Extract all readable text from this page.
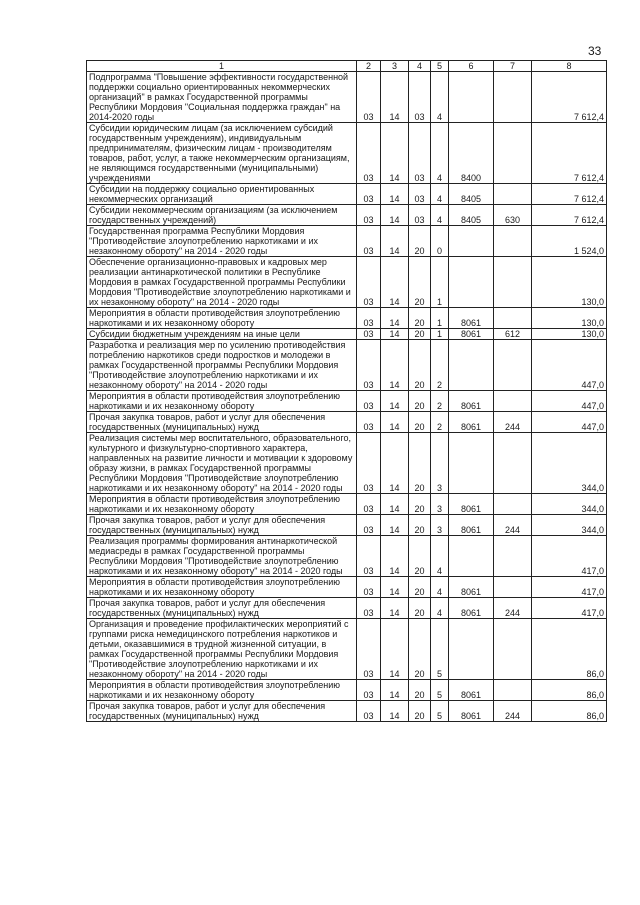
33
1	2	3	4	5	6	7	8
Подпрограмма "Повышение эффективности государственной поддержки социально ориентированных некоммерческих организаций" в рамках Государственной программы Республики Мордовия "Социальная поддержка граждан" на 2014-2020 годы	03	14	03	4			7 612,4
Субсидии юридическим лицам (за исключением субсидий государственным учреждениям), индивидуальным предпринимателям, физическим лицам - производителям товаров, работ, услуг, а также некоммерческим организациям, не являющимся государственными (муниципальными) учреждениями	03	14	03	4	8400		7 612,4
Субсидии на поддержку социально ориентированных некоммерческих организаций	03	14	03	4	8405		7 612,4
Субсидии некоммерческим организациям (за исключением государственных учреждений)	03	14	03	4	8405	630	7 612,4
Государственная программа Республики Мордовия "Противодействие злоупотреблению наркотиками и их незаконному обороту" на 2014 - 2020 годы	03	14	20	0			1 524,0
Обеспечение организационно-правовых и кадровых мер реализации антинаркотической политики в Республике Мордовия в рамках Государственной программы Республики Мордовия "Противодействие злоупотреблению наркотиками и их незаконному обороту" на 2014 - 2020 годы	03	14	20	1			130,0
Мероприятия в области противодействия злоупотреблению наркотиками и их незаконному обороту	03	14	20	1	8061		130,0
Субсидии бюджетным учреждениям на иные цели	03	14	20	1	8061	612	130,0
Разработка и реализация мер по усилению противодействия потреблению наркотиков среди подростков и молодежи в рамках Государственной программы Республики Мордовия "Противодействие злоупотреблению наркотиками и их незаконному обороту" на 2014 - 2020 годы	03	14	20	2			447,0
Мероприятия в области противодействия злоупотреблению наркотиками и их незаконному обороту	03	14	20	2	8061		447,0
Прочая закупка товаров, работ и услуг для обеспечения государственных (муниципальных) нужд	03	14	20	2	8061	244	447,0
Реализация системы мер воспитательного, образовательного, культурного и физкультурно-спортивного характера, направленных на развитие личности и мотивации к здоровому образу жизни, в рамках Государственной программы Республики Мордовия "Противодействие злоупотреблению наркотиками и их незаконному обороту" на 2014 - 2020 годы	03	14	20	3			344,0
Мероприятия в области противодействия злоупотреблению наркотиками и их незаконному обороту	03	14	20	3	8061		344,0
Прочая закупка товаров, работ и услуг для обеспечения государственных (муниципальных) нужд	03	14	20	3	8061	244	344,0
Реализация программы формирования антинаркотической медиасреды в рамках Государственной программы Республики Мордовия "Противодействие злоупотреблению наркотиками и их незаконному обороту" на 2014 - 2020 годы	03	14	20	4			417,0
Мероприятия в области противодействия злоупотреблению наркотиками и их незаконному обороту	03	14	20	4	8061		417,0
Прочая закупка товаров, работ и услуг для обеспечения государственных (муниципальных) нужд	03	14	20	4	8061	244	417,0
Организация и проведение профилактических мероприятий с группами риска немедицинского потребления наркотиков и детьми, оказавшимися в трудной жизненной ситуации, в рамках Государственной программы Республики Мордовия "Противодействие злоупотреблению наркотиками и их незаконному обороту" на 2014 - 2020 годы	03	14	20	5			86,0
Мероприятия в области противодействия злоупотреблению наркотиками и их незаконному обороту	03	14	20	5	8061		86,0
Прочая закупка товаров, работ и услуг для обеспечения государственных (муниципальных) нужд	03	14	20	5	8061	244	86,0
